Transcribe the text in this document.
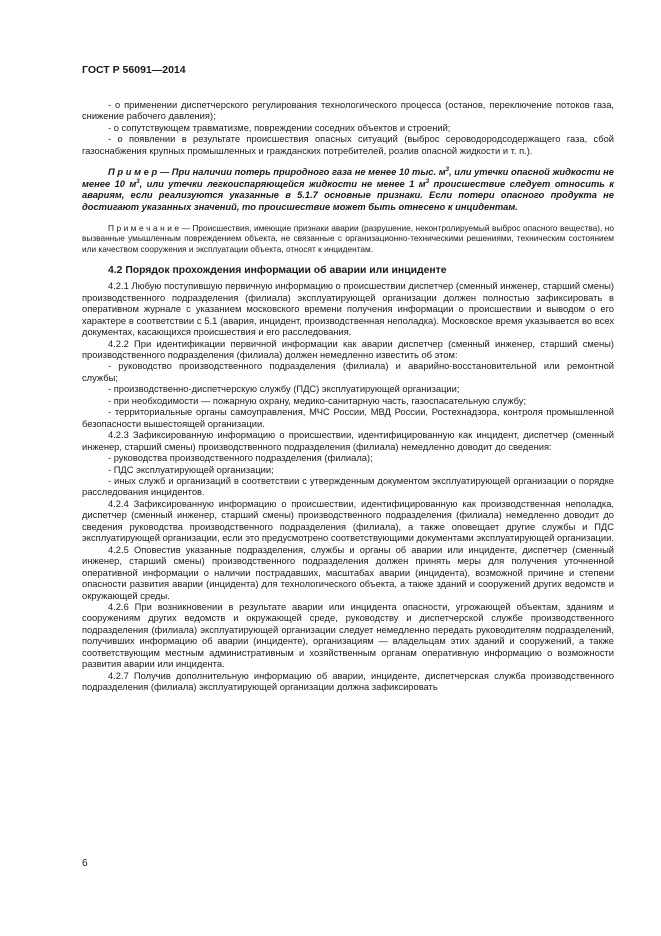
ГОСТ Р 56091—2014

- о применении диспетчерского регулирования технологического процесса (останов, переключение потоков газа, снижение рабочего давления);

- о сопутствующем травматизме, повреждении соседних объектов и строений;

- о появлении в результате происшествия опасных ситуаций (выброс сероводородсодержащего газа, сбой газоснабжения крупных промышленных и гражданских потребителей, розлив опасной жидкости и т. п.).

П р и м е р — При наличии потерь природного газа не менее 10 тыс. $м^3$, или утечки опасной жидкости не менее 10 $м^3$, или утечки легкоиспаряющейся жидкости не менее 1 $м^3$ происшествие следует относить к авариям, если реализуются указанные в 5.1.7 основные признаки. Если потери опасного продукта не достигают указанных значений, то происшествие может быть отнесено к инцидентам.

П р и м е ч а н и е — Происшествия, имеющие признаки аварии (разрушение, неконтролируемый выброс опасного вещества), но вызванные умышленным повреждением объекта, не связанные с организационно-техническими решениями, техническим состоянием или качеством сооружения и эксплуатации объекта, относят к инцидентам.

4.2 Порядок прохождения информации об аварии или инциденте

4.2.1 Любую поступившую первичную информацию о происшествии диспетчер (сменный инженер, старший смены) производственного подразделения (филиала) эксплуатирующей организации должен полностью зафиксировать в оперативном журнале с указанием московского времени получения информации о происшествии и выводом о его характере в соответствии с 5.1 (авария, инцидент, производственная неполадка). Московское время указывается во всех документах, касающихся происшествия и его расследования.

4.2.2 При идентификации первичной информации как аварии диспетчер (сменный инженер, старший смены) производственного подразделения (филиала) должен немедленно известить об этом:

- руководство производственного подразделения (филиала) и аварийно-восстановительной или ремонтной службы;

- производственно-диспетчерскую службу (ПДС) эксплуатирующей организации;

- при необходимости — пожарную охрану, медико-санитарную часть, газоспасательную службу;

- территориальные органы самоуправления, МЧС России, МВД России, Ростехнадзора, контроля промышленной безопасности вышестоящей организации.

4.2.3 Зафиксированную информацию о происшествии, идентифицированную как инцидент, диспетчер (сменный инженер, старший смены) производственного подразделения (филиала) немедленно доводит до сведения:

- руководства производственного подразделения (филиала);

- ПДС эксплуатирующей организации;

- иных служб и организаций в соответствии с утвержденным документом эксплуатирующей организации о порядке расследования инцидентов.

4.2.4 Зафиксированную информацию о происшествии, идентифицированную как производственная неполадка, диспетчер (сменный инженер, старший смены) производственного подразделения (филиала) немедленно доводит до сведения руководства производственного подразделения (филиала), а также оповещает другие службы и ПДС эксплуатирующей организации, если это предусмотрено соответствующими документами эксплуатирующей организации.

4.2.5 Оповестив указанные подразделения, службы и органы об аварии или инциденте, диспетчер (сменный инженер, старший смены) производственного подразделения должен принять меры для получения уточненной оперативной информации о наличии пострадавших, масштабах аварии (инцидента), возможной причине и степени опасности развития аварии (инцидента) для технологического объекта, а также зданий и сооружений других ведомств и окружающей среды.

4.2.6 При возникновении в результате аварии или инцидента опасности, угрожающей объектам, зданиям и сооружениям других ведомств и окружающей среде, руководству и диспетчерской службе производственного подразделения (филиала) эксплуатирующей организации следует немедленно передать руководителям подразделений, получивших информацию об аварии (инциденте), организациям — владельцам этих зданий и сооружений, а также соответствующим местным административным и хозяйственным органам оперативную информацию о возможности развития аварии или инцидента.

4.2.7 Получив дополнительную информацию об аварии, инциденте, диспетчерская служба производственного подразделения (филиала) эксплуатирующей организации должна зафиксировать

6
